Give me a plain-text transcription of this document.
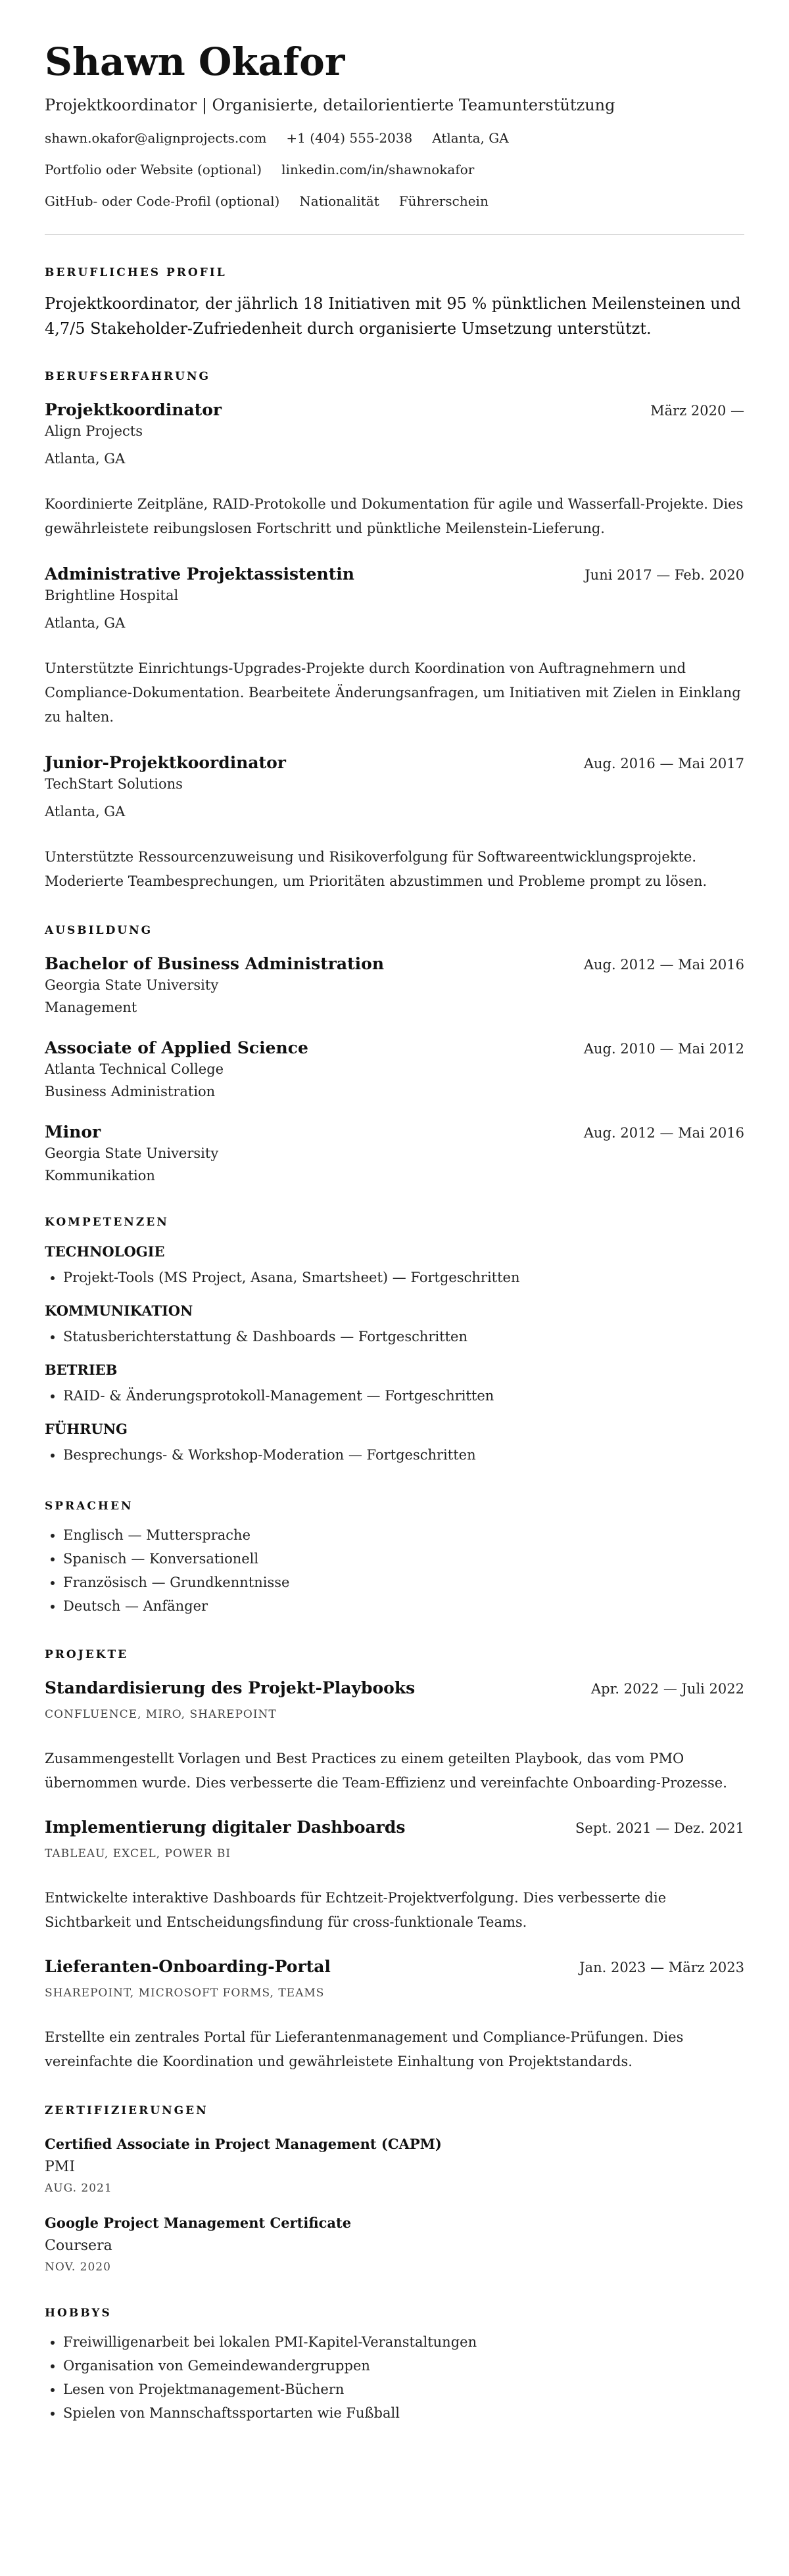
Shawn Okafor
Projektkoordinator | Organisierte, detailorientierte Teamunterstützung
shawn.okafor@alignprojects.com +1 (404) 555-2038 Atlanta, GA
Portfolio oder Website (optional) linkedin.com/in/shawnokafor
GitHub- oder Code-Profil (optional) Nationalität Führerschein
BERUFLICHES PROFIL
Projektkoordinator, der jährlich 18 Initiativen mit 95 % pünktlichen Meilensteinen und 4,7/5 Stakeholder-Zufriedenheit durch organisierte Umsetzung unterstützt.
BERUFSERFAHRUNG
Projektkoordinator	März 2020 —
Align Projects
Atlanta, GA
Koordinierte Zeitpläne, RAID-Protokolle und Dokumentation für agile und Wasserfall-Projekte. Dies gewährleistete reibungslosen Fortschritt und pünktliche Meilenstein-Lieferung.
Administrative Projektassistentin	Juni 2017 — Feb. 2020
Brightline Hospital
Atlanta, GA
Unterstützte Einrichtungs-Upgrades-Projekte durch Koordination von Auftragnehmern und Compliance-Dokumentation. Bearbeitete Änderungsanfragen, um Initiativen mit Zielen in Einklang zu halten.
Junior-Projektkoordinator	Aug. 2016 — Mai 2017
TechStart Solutions
Atlanta, GA
Unterstützte Ressourcenzuweisung und Risikoverfolgung für Softwareentwicklungsprojekte. Moderierte Teambesprechungen, um Prioritäten abzustimmen und Probleme prompt zu lösen.
AUSBILDUNG
Bachelor of Business Administration	Aug. 2012 — Mai 2016
Georgia State University
Management
Associate of Applied Science	Aug. 2010 — Mai 2012
Atlanta Technical College
Business Administration
Minor	Aug. 2012 — Mai 2016
Georgia State University
Kommunikation
KOMPETENZEN
TECHNOLOGIE
• Projekt-Tools (MS Project, Asana, Smartsheet) — Fortgeschritten
KOMMUNIKATION
• Statusberichterstattung & Dashboards — Fortgeschritten
BETRIEB
• RAID- & Änderungsprotokoll-Management — Fortgeschritten
FÜHRUNG
• Besprechungs- & Workshop-Moderation — Fortgeschritten
SPRACHEN
• Englisch — Muttersprache
• Spanisch — Konversationell
• Französisch — Grundkenntnisse
• Deutsch — Anfänger
PROJEKTE
Standardisierung des Projekt-Playbooks	Apr. 2022 — Juli 2022
CONFLUENCE, MIRO, SHAREPOINT
Zusammengestellt Vorlagen und Best Practices zu einem geteilten Playbook, das vom PMO übernommen wurde. Dies verbesserte die Team-Effizienz und vereinfachte Onboarding-Prozesse.
Implementierung digitaler Dashboards	Sept. 2021 — Dez. 2021
TABLEAU, EXCEL, POWER BI
Entwickelte interaktive Dashboards für Echtzeit-Projektverfolgung. Dies verbesserte die Sichtbarkeit und Entscheidungsfindung für cross-funktionale Teams.
Lieferanten-Onboarding-Portal	Jan. 2023 — März 2023
SHAREPOINT, MICROSOFT FORMS, TEAMS
Erstellte ein zentrales Portal für Lieferantenmanagement und Compliance-Prüfungen. Dies vereinfachte die Koordination und gewährleistete Einhaltung von Projektstandards.
ZERTIFIZIERUNGEN
Certified Associate in Project Management (CAPM)
PMI
AUG. 2021
Google Project Management Certificate
Coursera
NOV. 2020
HOBBYS
• Freiwilligenarbeit bei lokalen PMI-Kapitel-Veranstaltungen
• Organisation von Gemeindewandergruppen
• Lesen von Projektmanagement-Büchern
• Spielen von Mannschaftssportarten wie Fußball
